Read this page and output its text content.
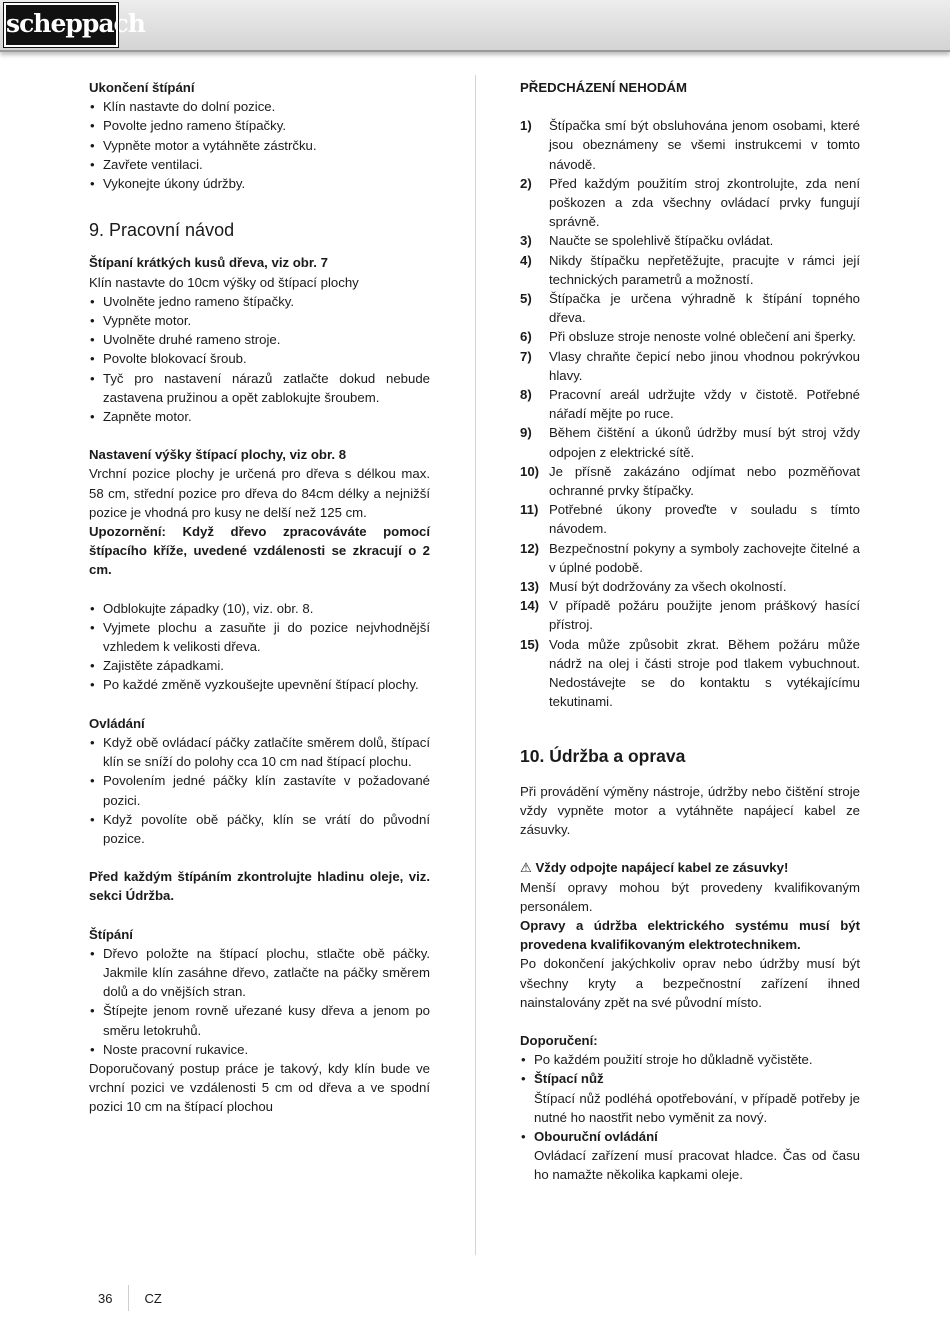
scheppach

Ukončení štípání

• Klín nastavte do dolní pozice.
• Povolte jedno rameno štípačky.
• Vypněte motor a vytáhněte zástrčku.
• Zavřete ventilaci.
• Vykonejte úkony údržby.

9. Pracovní návod

Štípaní krátkých kusů dřeva, viz obr. 7

Klín nastavte do 10cm výšky od štípací plochy

• Uvolněte jedno rameno štípačky.
• Vypněte motor.
• Uvolněte druhé rameno stroje.
• Povolte blokovací šroub.
• Tyč pro nastavení nárazů zatlačte dokud nebude zastavena pružinou a opět zablokujte šroubem.
• Zapněte motor.

Nastavení výšky štípací plochy, viz obr. 8

Vrchní pozice plochy je určená pro dřeva s délkou max. 58 cm, střední pozice pro dřeva do 84cm délky a nejnižší pozice je vhodná pro kusy ne delší než 125 cm.

Upozornění: Když dřevo zpracováváte pomocí štípacího kříže, uvedené vzdálenosti se zkracují o 2 cm.

• Odblokujte západky (10), viz. obr. 8.
• Vyjmete plochu a zasuňte ji do pozice nejvhodnější vzhledem k velikosti dřeva.
• Zajistěte západkami.
• Po každé změně vyzkoušejte upevnění štípací plochy.

Ovládání

• Když obě ovládací páčky zatlačíte směrem dolů, štípací klín se sníží do polohy cca 10 cm nad štípací plochu.
• Povolením jedné páčky klín zastavíte v požadované pozici.
• Když povolíte obě páčky, klín se vrátí do původní pozice.

Před každým štípáním zkontrolujte hladinu oleje, viz. sekci Údržba.

Štípání

• Dřevo položte na štípací plochu, stlačte obě páčky. Jakmile klín zasáhne dřevo, zatlačte na páčky směrem dolů a do vnějších stran.
• Štípejte jenom rovně uřezané kusy dřeva a jenom po směru letokruhů.
• Noste pracovní rukavice.

Doporučovaný postup práce je takový, kdy klín bude ve vrchní pozici ve vzdálenosti 5 cm od dřeva a ve spodní pozici 10 cm na štípací plochou

PŘEDCHÁZENÍ NEHODÁM

1) Štípačka smí být obsluhována jenom osobami, které jsou obeznámeny se všemi instrukcemi v tomto návodě.
2) Před každým použitím stroj zkontrolujte, zda není poškozen a zda všechny ovládací prvky fungují správně.
3) Naučte se spolehlivě štípačku ovládat.
4) Nikdy štípačku nepřetěžujte, pracujte v rámci její technických parametrů a možností.
5) Štípačka je určena výhradně k štípání topného dřeva.
6) Při obsluze stroje nenoste volné oblečení ani šperky.
7) Vlasy chraňte čepicí nebo jinou vhodnou pokrývkou hlavy.
8) Pracovní areál udržujte vždy v čistotě. Potřebné nářadí mějte po ruce.
9) Během čištění a úkonů údržby musí být stroj vždy odpojen z elektrické sítě.
10) Je přísně zakázáno odjímat nebo pozměňovat ochranné prvky štípačky.
11) Potřebné úkony proveďte v souladu s tímto návodem.
12) Bezpečnostní pokyny a symboly zachovejte čitelné a v úplné podobě.
13) Musí být dodržovány za všech okolností.
14) V případě požáru použijte jenom práškový hasící přístroj.
15) Voda může způsobit zkrat. Během požáru může nádrž na olej i části stroje pod tlakem vybuchnout. Nedostávejte se do kontaktu s vytékajícímu tekutinami.

10. Údržba a oprava

Při provádění výměny nástroje, údržby nebo čištění stroje vždy vypněte motor a vytáhněte napájecí kabel ze zásuvky.

⚠ Vždy odpojte napájecí kabel ze zásuvky!

Menší opravy mohou být provedeny kvalifikovaným personálem.

Opravy a údržba elektrického systému musí být provedena kvalifikovaným elektrotechnikem.

Po dokončení jakýchkoliv oprav nebo údržby musí být všechny kryty a bezpečnostní zařízení ihned nainstalovány zpět na své původní místo.

Doporučení:

• Po každém použití stroje ho důkladně vyčistěte.
• Štípací nůž
Štípací nůž podléhá opotřebování, v případě potřeby je nutné ho naostřit nebo vyměnit za nový.
• Obouruční ovládání
Ovládací zařízení musí pracovat hladce. Čas od času ho namažte několika kapkami oleje.
36 CZ
